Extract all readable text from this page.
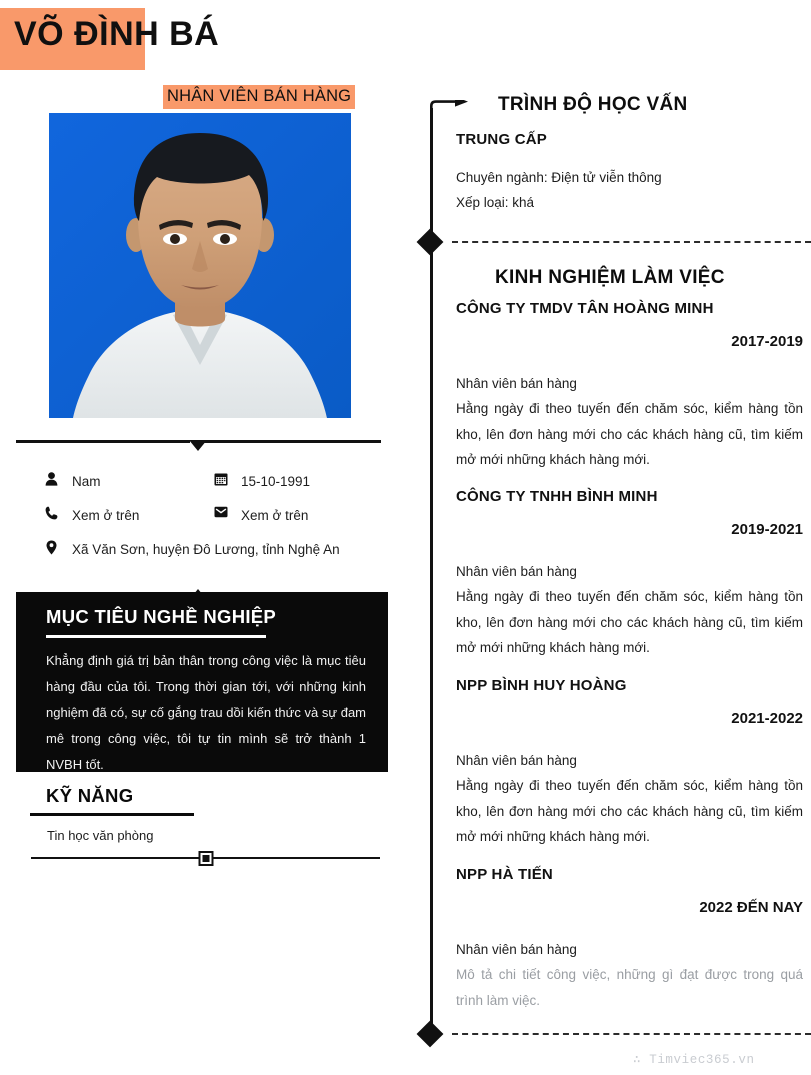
VÕ ĐÌNH BÁ
NHÂN VIÊN BÁN HÀNG
Nam	15-10-1991
Xem ở trên	Xem ở trên
Xã Văn Sơn, huyện Đô Lương, tỉnh Nghệ An
MỤC TIÊU NGHỀ NGHIỆP
Khẳng định giá trị bản thân trong công việc là mục tiêu hàng đầu của tôi. Trong thời gian tới, với những kinh nghiệm đã có, sự cố gắng trau dồi kiến thức và sự đam mê trong công việc, tôi tự tin mình sẽ trở thành 1 NVBH tốt.
KỸ NĂNG
Tin học văn phòng
TRÌNH ĐỘ HỌC VẤN
TRUNG CẤP
Chuyên ngành: Điện tử viễn thông
Xếp loại: khá
KINH NGHIỆM LÀM VIỆC
CÔNG TY TMDV TÂN HOÀNG MINH
2017-2019
Nhân viên bán hàng
Hằng ngày đi theo tuyến đến chăm sóc, kiểm hàng tồn kho, lên đơn hàng mới cho các khách hàng cũ, tìm kiếm mở mới những khách hàng mới.
CÔNG TY TNHH BÌNH MINH
2019-2021
Nhân viên bán hàng
Hằng ngày đi theo tuyến đến chăm sóc, kiểm hàng tồn kho, lên đơn hàng mới cho các khách hàng cũ, tìm kiếm mở mới những khách hàng mới.
NPP BÌNH HUY HOÀNG
2021-2022
Nhân viên bán hàng
Hằng ngày đi theo tuyến đến chăm sóc, kiểm hàng tồn kho, lên đơn hàng mới cho các khách hàng cũ, tìm kiếm mở mới những khách hàng mới.
NPP HÀ TIẾN
2022 ĐẾN NAY
Nhân viên bán hàng
Mô tả chi tiết công việc, những gì đạt được trong quá trình làm việc.
∴ Timviec365.vn
